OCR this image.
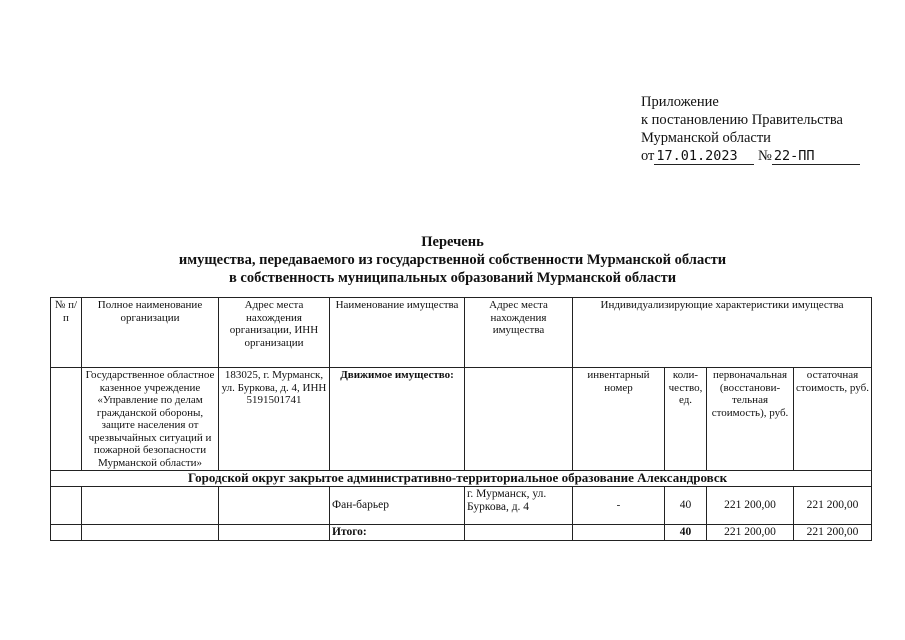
Приложение
к постановлению Правительства
Мурманской области
от 17.01.2023 № 22-ПП
Перечень
имущества, передаваемого из государственной собственности Мурманской области
в собственность муниципальных образований Мурманской области
№ п/п	Полное наименование организации	Адрес места нахождения организации, ИНН организации	Наименование имущества	Адрес места нахождения имущества	Индивидуализирующие характеристики имущества			
	Государственное областное казенное учреждение «Управление по делам гражданской обороны, защите населения от чрезвычайных ситуаций и пожарной безопасности Мурманской области»	183025, г. Мурманск, ул. Буркова, д. 4, ИНН 5191501741	Движимое имущество:		инвентарный номер	коли-чество, ед.	первоначальная (восстанови-тельная стоимость), руб.	остаточная стоимость, руб.
Городской округ закрытое административно-территориальное образование Александровск								
			Фан-барьер	г. Мурманск, ул. Буркова, д. 4	-	40	221 200,00	221 200,00
			Итого:			40	221 200,00	221 200,00
